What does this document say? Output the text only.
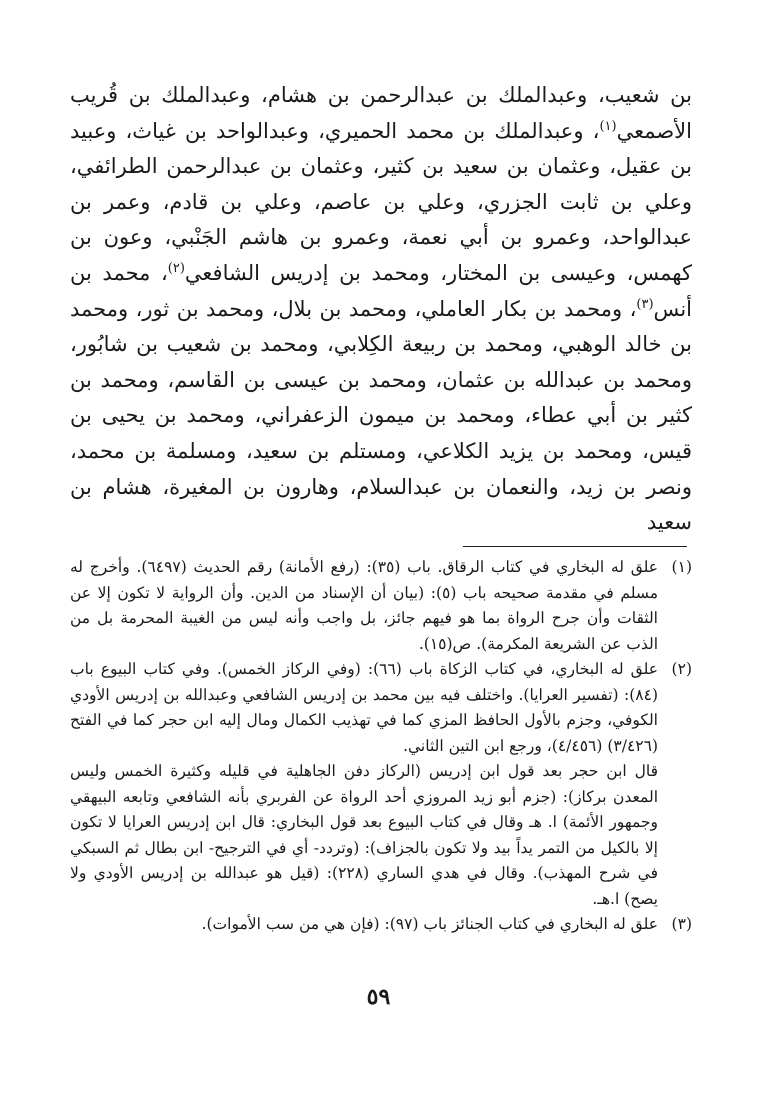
بن شعيب، وعبدالملك بن عبدالرحمن بن هشام، وعبدالملك بن قُريب الأصمعي$^{(١)}$، وعبدالملك بن محمد الحميري، وعبدالواحد بن غياث، وعبيد بن عقيل، وعثمان بن سعيد بن كثير، وعثمان بن عبدالرحمن الطرائفي، وعلي بن ثابت الجزري، وعلي بن عاصم، وعلي بن قادم، وعمر بن عبدالواحد، وعمرو بن أبي نعمة، وعمرو بن هاشم الجَنْبي، وعون بن كهمس، وعيسى بن المختار، ومحمد بن إدريس الشافعي$^{(٢)}$، محمد بن أنس$^{(٣)}$، ومحمد بن بكار العاملي، ومحمد بن بلال، ومحمد بن ثور، ومحمد بن خالد الوهبي، ومحمد بن ربيعة الكِلابي، ومحمد بن شعيب بن شابُور، ومحمد بن عبدالله بن عثمان، ومحمد بن عيسى بن القاسم، ومحمد بن كثير بن أبي عطاء، ومحمد بن ميمون الزعفراني، ومحمد بن يحيى بن قيس، ومحمد بن يزيد الكلاعي، ومستلم بن سعيد، ومسلمة بن محمد، ونصر بن زيد، والنعمان بن عبدالسلام، وهارون بن المغيرة، هشام بن سعيد

(١)

علق له البخاري في كتاب الرقاق. باب (٣٥): (رفع الأمانة) رقم الحديث (٦٤٩٧). وأخرج له مسلم في مقدمة صحيحه باب (٥): (بيان أن الإسناد من الدين. وأن الرواية لا تكون إلا عن الثقات وأن جرح الرواة بما هو فيهم جائز، بل واجب وأنه ليس من الغيبة المحرمة بل من الذب عن الشريعة المكرمة). ص(١٥).

(٢)

علق له البخاري، في كتاب الزكاة باب (٦٦): (وفي الركاز الخمس). وفي كتاب البيوع باب (٨٤): (تفسير العرايا). واختلف فيه بين محمد بن إدريس الشافعي وعبدالله بن إدريس الأودي الكوفي، وجزم بالأول الحافظ المزي كما في تهذيب الكمال ومال إليه ابن حجر كما في الفتح (٣/٤٢٦) (٤/٤٥٦)، ورجع ابن التين الثاني.

قال ابن حجر بعد قول ابن إدريس (الركاز دفن الجاهلية في قليله وكثيرة الخمس وليس المعدن بركاز): (جزم أبو زيد المروزي أحد الرواة عن الفربري بأنه الشافعي وتابعه البيهقي وجمهور الأئمة) ا. هـ وقال في كتاب البيوع بعد قول البخاري: قال ابن إدريس العرايا لا تكون إلا بالكيل من التمر يداً بيد ولا تكون بالجزاف): (وتردد- أي في الترجيح- ابن بطال ثم السبكي في شرح المهذب). وقال في هدي الساري (٢٢٨): (قيل هو عبدالله بن إدريس الأودي ولا يصح) ا.هـ.

(٣)

علق له البخاري في كتاب الجنائز باب (٩٧): (فإن هي من سب الأموات).

٥٩
